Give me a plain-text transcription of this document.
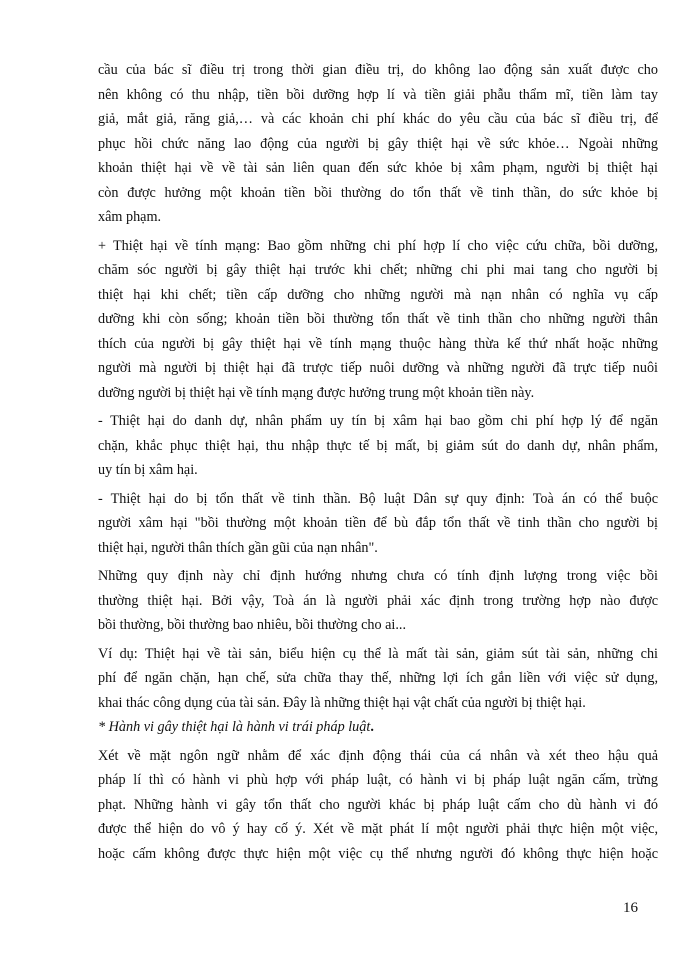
cầu của bác sĩ điều trị trong thời gian điều trị, do không lao động sản xuất được cho
nên không có thu nhập, tiền bồi dưỡng hợp lí và tiền giải phẫu thẩm mĩ, tiền làm tay
giả, mắt giả, răng giả,… và các khoản chi phí khác do yêu cầu của bác sĩ điều trị, để
phục hồi chức năng lao động của người bị gây thiệt hại về sức khỏe… Ngoài những
khoản thiệt hại về về tài sản liên quan đến sức khỏe bị xâm phạm, người bị thiệt hại
còn được hưởng một khoản tiền bồi thường do tổn thất về tinh thần, do sức khỏe bị
xâm phạm.
+ Thiệt hại về tính mạng: Bao gồm những chi phí hợp lí cho việc cứu chữa, bồi dưỡng,
chăm sóc người bị gây thiệt hại trước khi chết; những chi phi mai tang cho người bị
thiệt hại khi chết; tiền cấp dưỡng cho những người mà nạn nhân có nghĩa vụ cấp
dưỡng khi còn sống; khoản tiền bồi thường tổn thất về tinh thần cho những người thân
thích của người bị gây thiệt hại về tính mạng thuộc hàng thừa kế thứ nhất hoặc những
người mà người bị thiệt hại đã trược tiếp nuôi dưỡng và những người đã trực tiếp nuôi
dưỡng người bị thiệt hại về tính mạng được hưởng trung một khoản tiền này.
- Thiệt hại do danh dự, nhân phẩm uy tín bị xâm hại bao gồm chi phí hợp lý để ngăn
chặn, khắc phục thiệt hại, thu nhập thực tế bị mất, bị giảm sút do danh dự, nhân phẩm,
uy tín bị xâm hại.
- Thiệt hại do bị tổn thất về tinh thần. Bộ luật Dân sự quy định: Toà án có thể buộc
người xâm hại "bồi thường một khoản tiền để bù đắp tổn thất về tinh thần cho người bị
thiệt hại, người thân thích gần gũi của nạn nhân".
Những quy định này chỉ định hướng nhưng chưa có tính định lượng trong việc bồi
thường thiệt hại. Bởi vậy, Toà án là người phải xác định trong trường hợp nào được
bồi thường, bồi thường bao nhiêu, bồi thường cho ai...
Ví dụ: Thiệt hại về tài sản, biểu hiện cụ thể là mất tài sản, giảm sút tài sản, những chi
phí để ngăn chặn, hạn chế, sửa chữa thay thế, những lợi ích gắn liền với việc sử dụng,
khai thác công dụng của tài sản. Đây là những thiệt hại vật chất của người bị thiệt hại.
* Hành vi gây thiệt hại là hành vi trái pháp luật.
Xét về mặt ngôn ngữ nhằm để xác định động thái của cá nhân và xét theo hậu quả
pháp lí thì có hành vi phù hợp với pháp luật, có hành vi bị pháp luật ngăn cấm, trừng
phạt. Những hành vi gây tổn thất cho người khác bị pháp luật cấm cho dù hành vi đó
được thể hiện do vô ý hay cố ý. Xét về mặt phát lí một người phải thực hiện một việc,
hoặc cấm không được thực hiện một việc cụ thể nhưng người đó không thực hiện hoặc
16
